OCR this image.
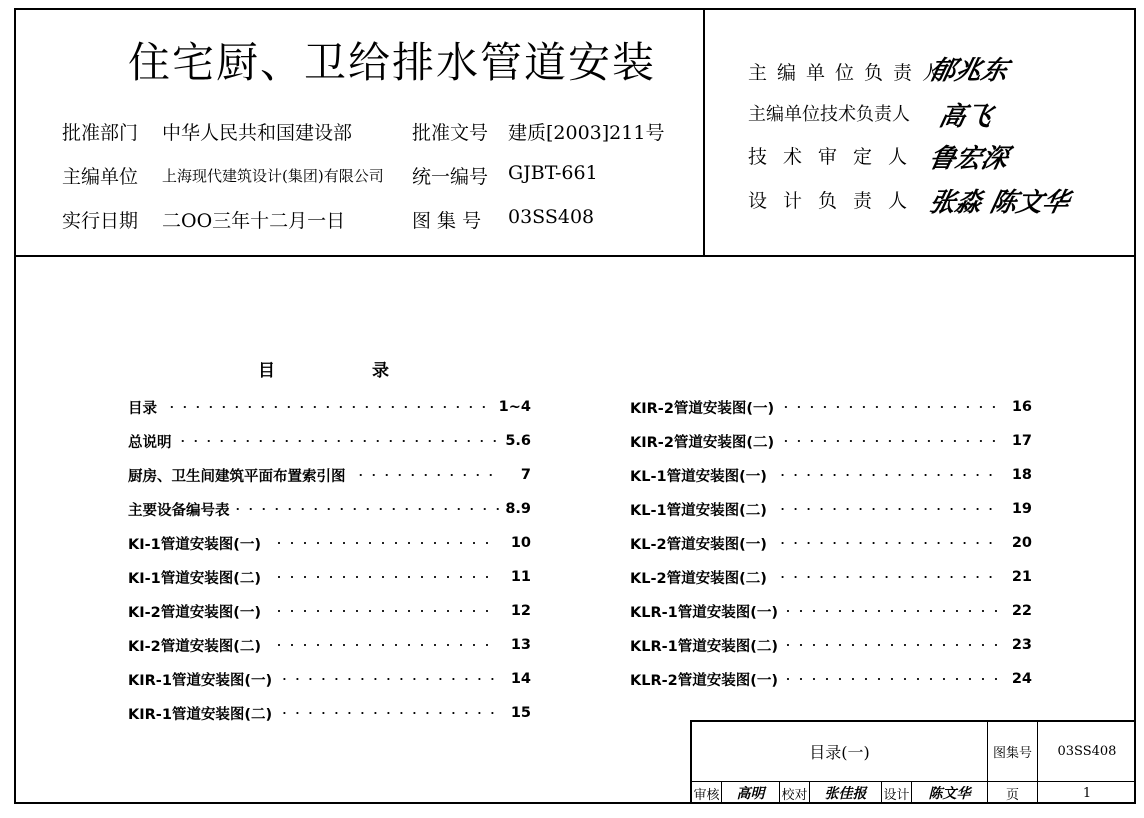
住宅厨、卫给排水管道安装
批准部门 中华人民共和国建设部	批准文号 建质[2003]211号
主编单位 上海现代建筑设计(集团)有限公司 统一编号 GJBT-661
实行日期 二OO三年十二月一日	图 集 号 03SS408
主编单位负责人
郁兆东
主编单位技术负责人 高飞
技术审定人 鲁宏深
设计负责人 张淼 陈文华
目	录
目录	1~4
总说明	5.6
厨房、卫生间建筑平面布置索引图	7
主要设备编号表	8.9
KI-1管道安装图(一)	10
KI-1管道安装图(二)	11
KI-2管道安装图(一)	12
KI-2管道安装图(二)	13
KIR-1管道安装图(一)	14
KIR-1管道安装图(二)	15
KIR-2管道安装图(一)	16
KIR-2管道安装图(二)	17
KL-1管道安装图(一)	18
KL-1管道安装图(二)	19
KL-2管道安装图(一)	20
KL-2管道安装图(二)	21
KLR-1管道安装图(一)	22
KLR-1管道安装图(二)	23
KLR-2管道安装图(一)	24
目录(一)	图集号	03SS408
审核	高明	校对	张佳报	设计	陈文华	页	1
